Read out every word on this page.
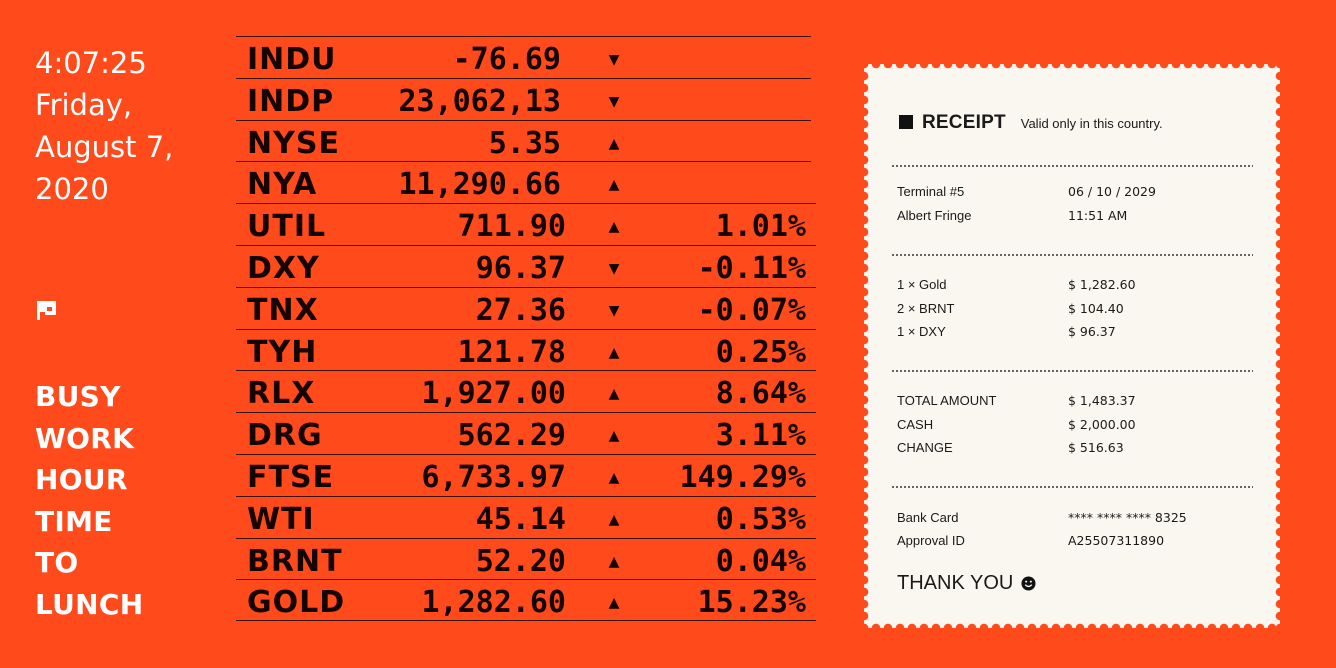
4:07:25
Friday,
August 7,
2020
BUSY
WORK
HOUR
TIME
TO
LUNCH
INDU	-76.69	▼
INDP 23,062,13	▼
NYSE	5.35	▲
NYA	11,290.66	▲
UTIL	711.90	▲	1.01%
DXY	96.37	▼	-0.11%
TNX	27.36	▼	-0.07%
TYH	121.78	▲	0.25%
RLX	1,927.00	▲	8.64%
DRG	562.29	▲	3.11%
FTSE	6,733.97	▲ 149.29%
WTI	45.14	▲	0.53%
BRNT	52.20	▲	0.04%
GOLD	1,282.60	▲	15.23%
RECEIPT Valid only in this country.
Terminal #5	06 / 10 / 2029
Albert Fringe	11:51 AM
1 × Gold	$ 1,282.60
2 × BRNT	$ 104.40
1 × DXY	$ 96.37
TOTAL AMOUNT	$ 1,483.37
CASH	$ 2,000.00
CHANGE	$ 516.63
Bank Card	**** **** **** 8325
Approval ID	A25507311890
THANK YOU
